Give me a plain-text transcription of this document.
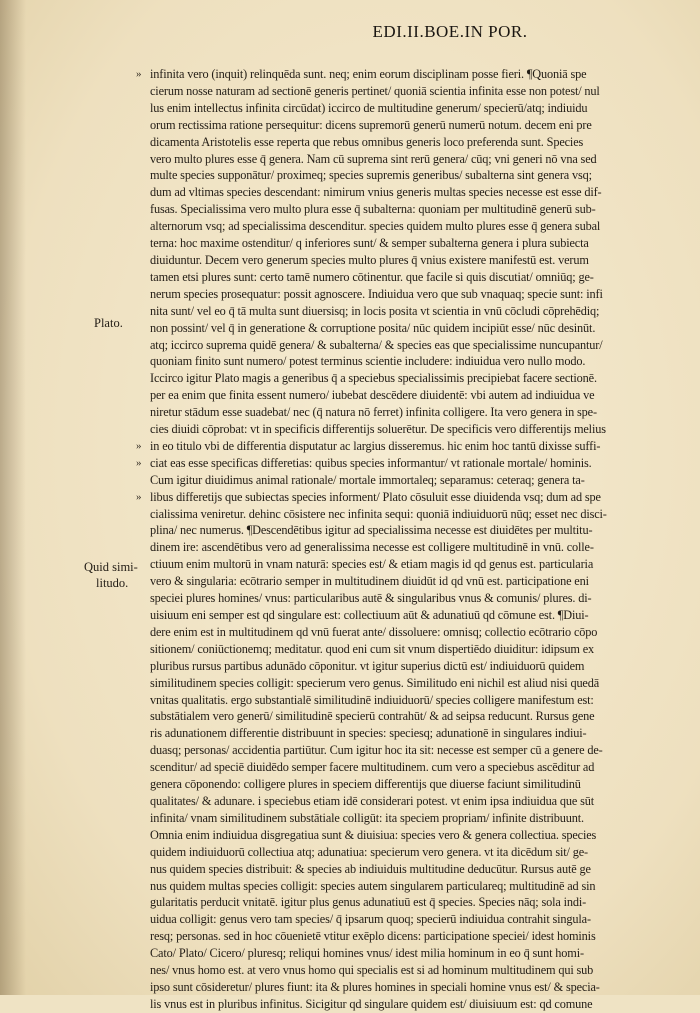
EDI.II.BOE.IN POR.
»
»
»
»
Plato.
Quid simi-
litudo.
infinita vero (inquit) relinquēda sunt. neq; enim eorum disciplinam posse fieri. ¶Quoniā spe
cierum nosse naturam ad sectionē generis pertinet/ quoniā scientia infinita esse non potest/ nul
lus enim intellectus infinita circūdat) iccirco de multitudine generum/ specierū/atq; indiuidu
orum rectissima ratione persequitur: dicens supremorū generū numerū notum. decem eni pre
dicamenta Aristotelis esse reperta que rebus omnibus generis loco preferenda sunt. Species
vero multo plures esse q̄ genera. Nam cū suprema sint rerū genera/ cūq; vni generi nō vna sed
multe species supponātur/ proximeq; species supremis generibus/ subalterna sint genera vsq;
dum ad vltimas species descendant: nimirum vnius generis multas species necesse est esse dif-
fusas. Specialissima vero multo plura esse q̄ subalterna: quoniam per multitudinē generū sub-
alternorum vsq; ad specialissima descenditur. species quidem multo plures esse q̄ genera subal
terna: hoc maxime ostenditur/ q inferiores sunt/ & semper subalterna genera i plura subiecta
diuiduntur. Decem vero generum species multo plures q̄ vnius existere manifestū est. verum
tamen etsi plures sunt: certo tamē numero cōtinentur. que facile si quis discutiat/ omniūq; ge-
nerum species prosequatur: possit agnoscere. Indiuidua vero que sub vnaquaq; specie sunt: infi
nita sunt/ vel eo q̄ tā multa sunt diuersisq; in locis posita vt scientia in vnū cōcludi cōprehēdiq;
non possint/ vel q̄ in generatione & corruptione posita/ nūc quidem incipiūt esse/ nūc desinūt.
atq; iccirco suprema quidē genera/ & subalterna/ & species eas que specialissime nuncupantur/
quoniam finito sunt numero/ potest terminus scientie includere: indiuidua vero nullo modo.
Iccirco igitur Plato magis a generibus q̄ a speciebus specialissimis precipiebat facere sectionē.
per ea enim que finita essent numero/ iubebat descēdere diuidentē: vbi autem ad indiuidua ve
niretur stādum esse suadebat/ nec (q̄ natura nō ferret) infinita colligere. Ita vero genera in spe-
cies diuidi cōprobat: vt in specificis differentijs soluerētur. De specificis vero differentijs melius
in eo titulo vbi de differentia disputatur ac largius disseremus. hic enim hoc tantū dixisse suffi-
ciat eas esse specificas differetias: quibus species informantur/ vt rationale mortale/ hominis.
Cum igitur diuidimus animal rationale/ mortale immortaleq; separamus: ceteraq; genera ta-
libus differetijs que subiectas species informent/ Plato cōsuluit esse diuidenda vsq; dum ad spe
cialissima veniretur. dehinc cōsistere nec infinita sequi: quoniā indiuiduorū nūq; esset nec disci-
plina/ nec numerus. ¶Descendētibus igitur ad specialissima necesse est diuidētes per multitu-
dinem ire: ascendētibus vero ad generalissima necesse est colligere multitudinē in vnū. colle-
ctiuum enim multorū in vnam naturā: species est/ & etiam magis id qd genus est. particularia
vero & singularia: ecōtrario semper in multitudinem diuidūt id qd vnū est. participatione eni
speciei plures homines/ vnus: particularibus autē & singularibus vnus & comunis/ plures. di-
uisiuum eni semper est qd singulare est: collectiuum aūt & adunatiuū qd cōmune est. ¶Diui-
dere enim est in multitudinem qd vnū fuerat ante/ dissoluere: omnisq; collectio ecōtrario cōpo
sitionem/ coniūctionemq; meditatur. quod eni cum sit vnum dispertiēdo diuiditur: idipsum ex
pluribus rursus partibus adunādo cōponitur. vt igitur superius dictū est/ indiuiduorū quidem
similitudinem species colligit: specierum vero genus. Similitudo eni nichil est aliud nisi quedā
vnitas qualitatis. ergo substantialē similitudinē indiuiduorū/ species colligere manifestum est:
substātialem vero generū/ similitudinē specierū contrahūt/ & ad seipsa reducunt. Rursus gene
ris adunationem differentie distribuunt in species: speciesq; adunationē in singulares indiui-
duasq; personas/ accidentia partiūtur. Cum igitur hoc ita sit: necesse est semper cū a genere de-
scenditur/ ad speciē diuidēdo semper facere multitudinem. cum vero a speciebus ascēditur ad
genera cōponendo: colligere plures in speciem differentijs que diuerse faciunt similitudinū
qualitates/ & adunare. i speciebus etiam idē considerari potest. vt enim ipsa indiuidua que sūt
infinita/ vnam similitudinem substātiale colligūt: ita speciem propriam/ infinite distribuunt.
Omnia enim indiuidua disgregatiua sunt & diuisiua: species vero & genera collectiua. species
quidem indiuiduorū collectiua atq; adunatiua: specierum vero genera. vt ita dicēdum sit/ ge-
nus quidem species distribuit: & species ab indiuiduis multitudine deducūtur. Rursus autē ge
nus quidem multas species colligit: species autem singularem particulareq; multitudinē ad sin
gularitatis perducit vnitatē. igitur plus genus adunatiuū est q̄ species. Species nāq; sola indi-
uidua colligit: genus vero tam species/ q̄ ipsarum quoq; specierū indiuidua contrahit singula-
resq; personas. sed in hoc cōuenietē vtitur exēplo dicens: participatione speciei/ idest hominis
Cato/ Plato/ Cicero/ pluresq; reliqui homines vnus/ idest milia hominum in eo q̄ sunt homi-
nes/ vnus homo est. at vero vnus homo qui specialis est si ad hominum multitudinem qui sub
ipso sunt cōsideretur/ plures fiunt: ita & plures homines in speciali homine vnus est/ & specia-
lis vnus est in pluribus infinitus. Sicigitur qd singulare quidem est/ diuisiuum est: qd comune
